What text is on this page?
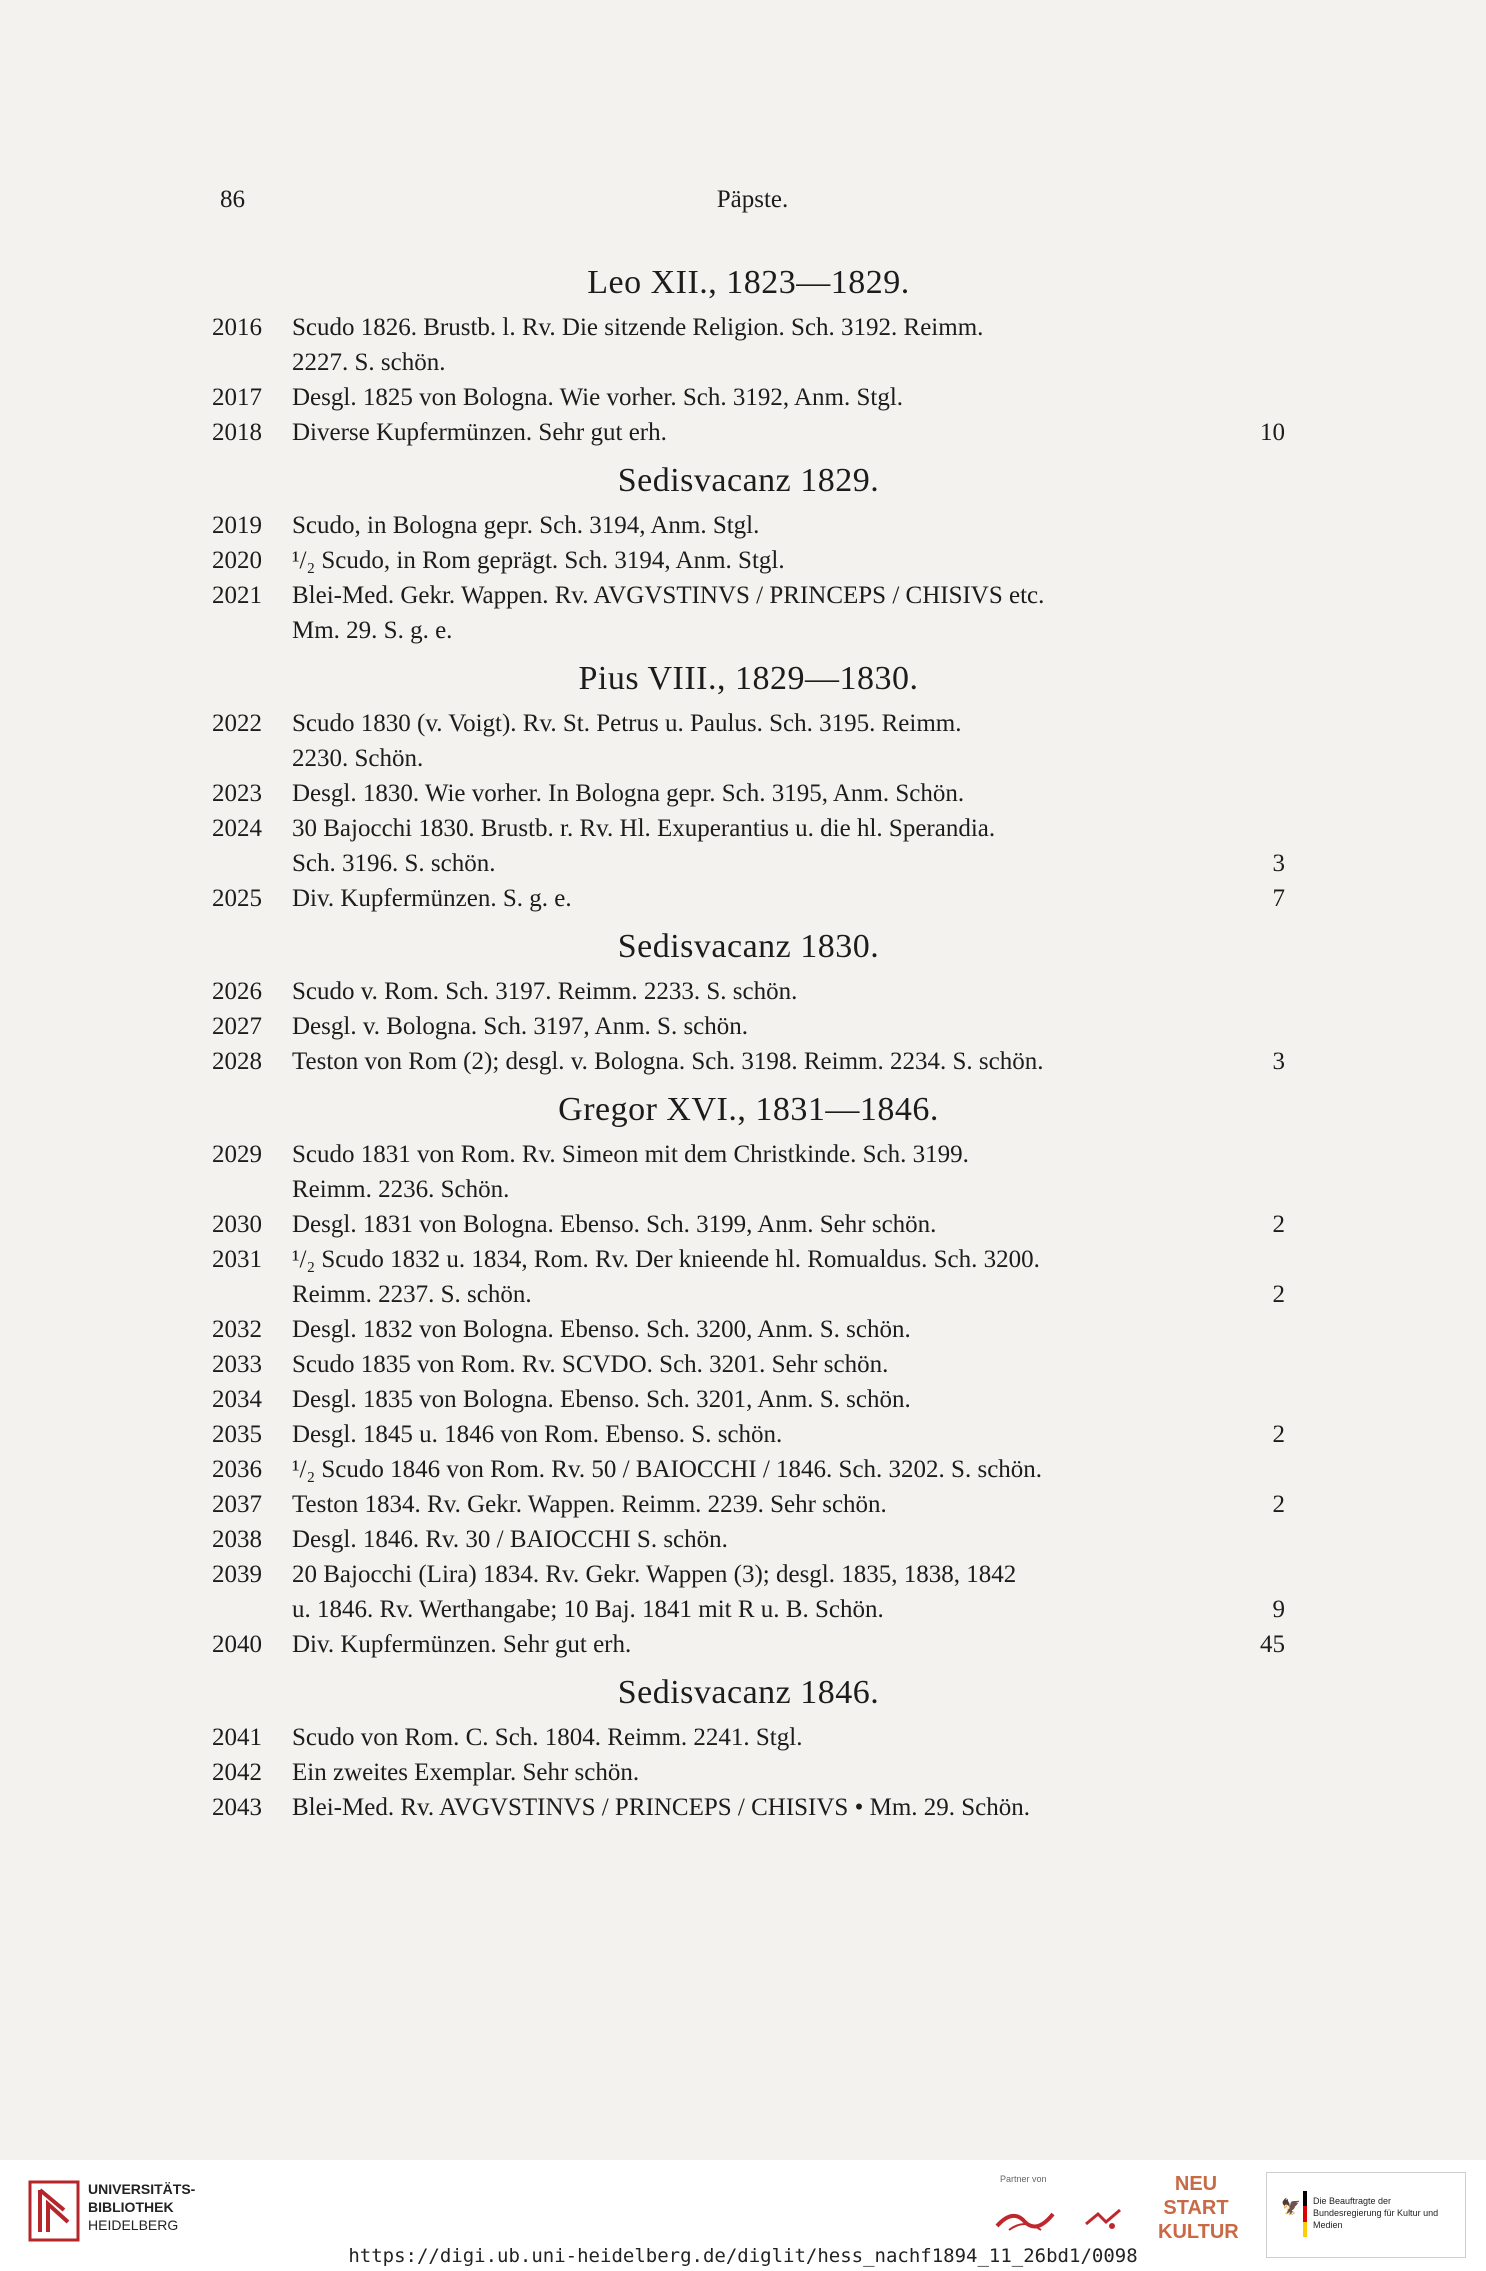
86	Päpste.
Leo XII., 1823—1829.
2016	Scudo 1826. Brustb. l. Rv. Die sitzende Religion. Sch. 3192. Reimm.
2227. S. schön.
2017	Desgl. 1825 von Bologna. Wie vorher. Sch. 3192, Anm. Stgl.
2018	Diverse Kupfermünzen. Sehr gut erh.	10
Sedisvacanz 1829.
2019	Scudo, in Bologna gepr. Sch. 3194, Anm. Stgl.
2020	¹/₂ Scudo, in Rom geprägt. Sch. 3194, Anm. Stgl.
2021	Blei-Med. Gekr. Wappen. Rv. AVGVSTINVS / PRINCEPS / CHISIVS etc.
Mm. 29. S. g. e.
Pius VIII., 1829—1830.
2022	Scudo 1830 (v. Voigt). Rv. St. Petrus u. Paulus. Sch. 3195. Reimm.
2230. Schön.
2023	Desgl. 1830. Wie vorher. In Bologna gepr. Sch. 3195, Anm. Schön.
2024	30 Bajocchi 1830. Brustb. r. Rv. Hl. Exuperantius u. die hl. Sperandia.
Sch. 3196. S. schön.	3
2025	Div. Kupfermünzen. S. g. e.	7
Sedisvacanz 1830.
2026	Scudo v. Rom. Sch. 3197. Reimm. 2233. S. schön.
2027	Desgl. v. Bologna. Sch. 3197, Anm. S. schön.
2028	Teston von Rom (2); desgl. v. Bologna. Sch. 3198. Reimm. 2234. S. schön.	3
Gregor XVI., 1831—1846.
2029	Scudo 1831 von Rom. Rv. Simeon mit dem Christkinde. Sch. 3199.
Reimm. 2236. Schön.
2030	Desgl. 1831 von Bologna. Ebenso. Sch. 3199, Anm. Sehr schön.	2
2031	¹/₂ Scudo 1832 u. 1834, Rom. Rv. Der knieende hl. Romualdus. Sch. 3200.
Reimm. 2237. S. schön.	2
2032	Desgl. 1832 von Bologna. Ebenso. Sch. 3200, Anm. S. schön.
2033	Scudo 1835 von Rom. Rv. SCVDO. Sch. 3201. Sehr schön.
2034	Desgl. 1835 von Bologna. Ebenso. Sch. 3201, Anm. S. schön.
2035	Desgl. 1845 u. 1846 von Rom. Ebenso. S. schön.	2
2036	¹/₂ Scudo 1846 von Rom. Rv. 50 / BAIOCCHI / 1846. Sch. 3202. S. schön.
2037	Teston 1834. Rv. Gekr. Wappen. Reimm. 2239. Sehr schön.	2
2038	Desgl. 1846. Rv. 30 / BAIOCCHI S. schön.
2039	20 Bajocchi (Lira) 1834. Rv. Gekr. Wappen (3); desgl. 1835, 1838, 1842
u. 1846. Rv. Werthangabe; 10 Baj. 1841 mit R u. B. Schön.	9
2040	Div. Kupfermünzen. Sehr gut erh.	45
Sedisvacanz 1846.
2041	Scudo von Rom. C. Sch. 1804. Reimm. 2241. Stgl.
2042	Ein zweites Exemplar. Sehr schön.
2043	Blei-Med. Rv. AVGVSTINVS / PRINCEPS / CHISIVS • Mm. 29. Schön.
UNIVERSITÄTS-
BIBLIOTHEK
HEIDELBERG
Partner von	NEU
START
KULTUR
🦅 Die Beauftragte der Bundesregierung für Kultur und Medien
https://digi.ub.uni-heidelberg.de/diglit/hess_nachf1894_11_26bd1/0098
